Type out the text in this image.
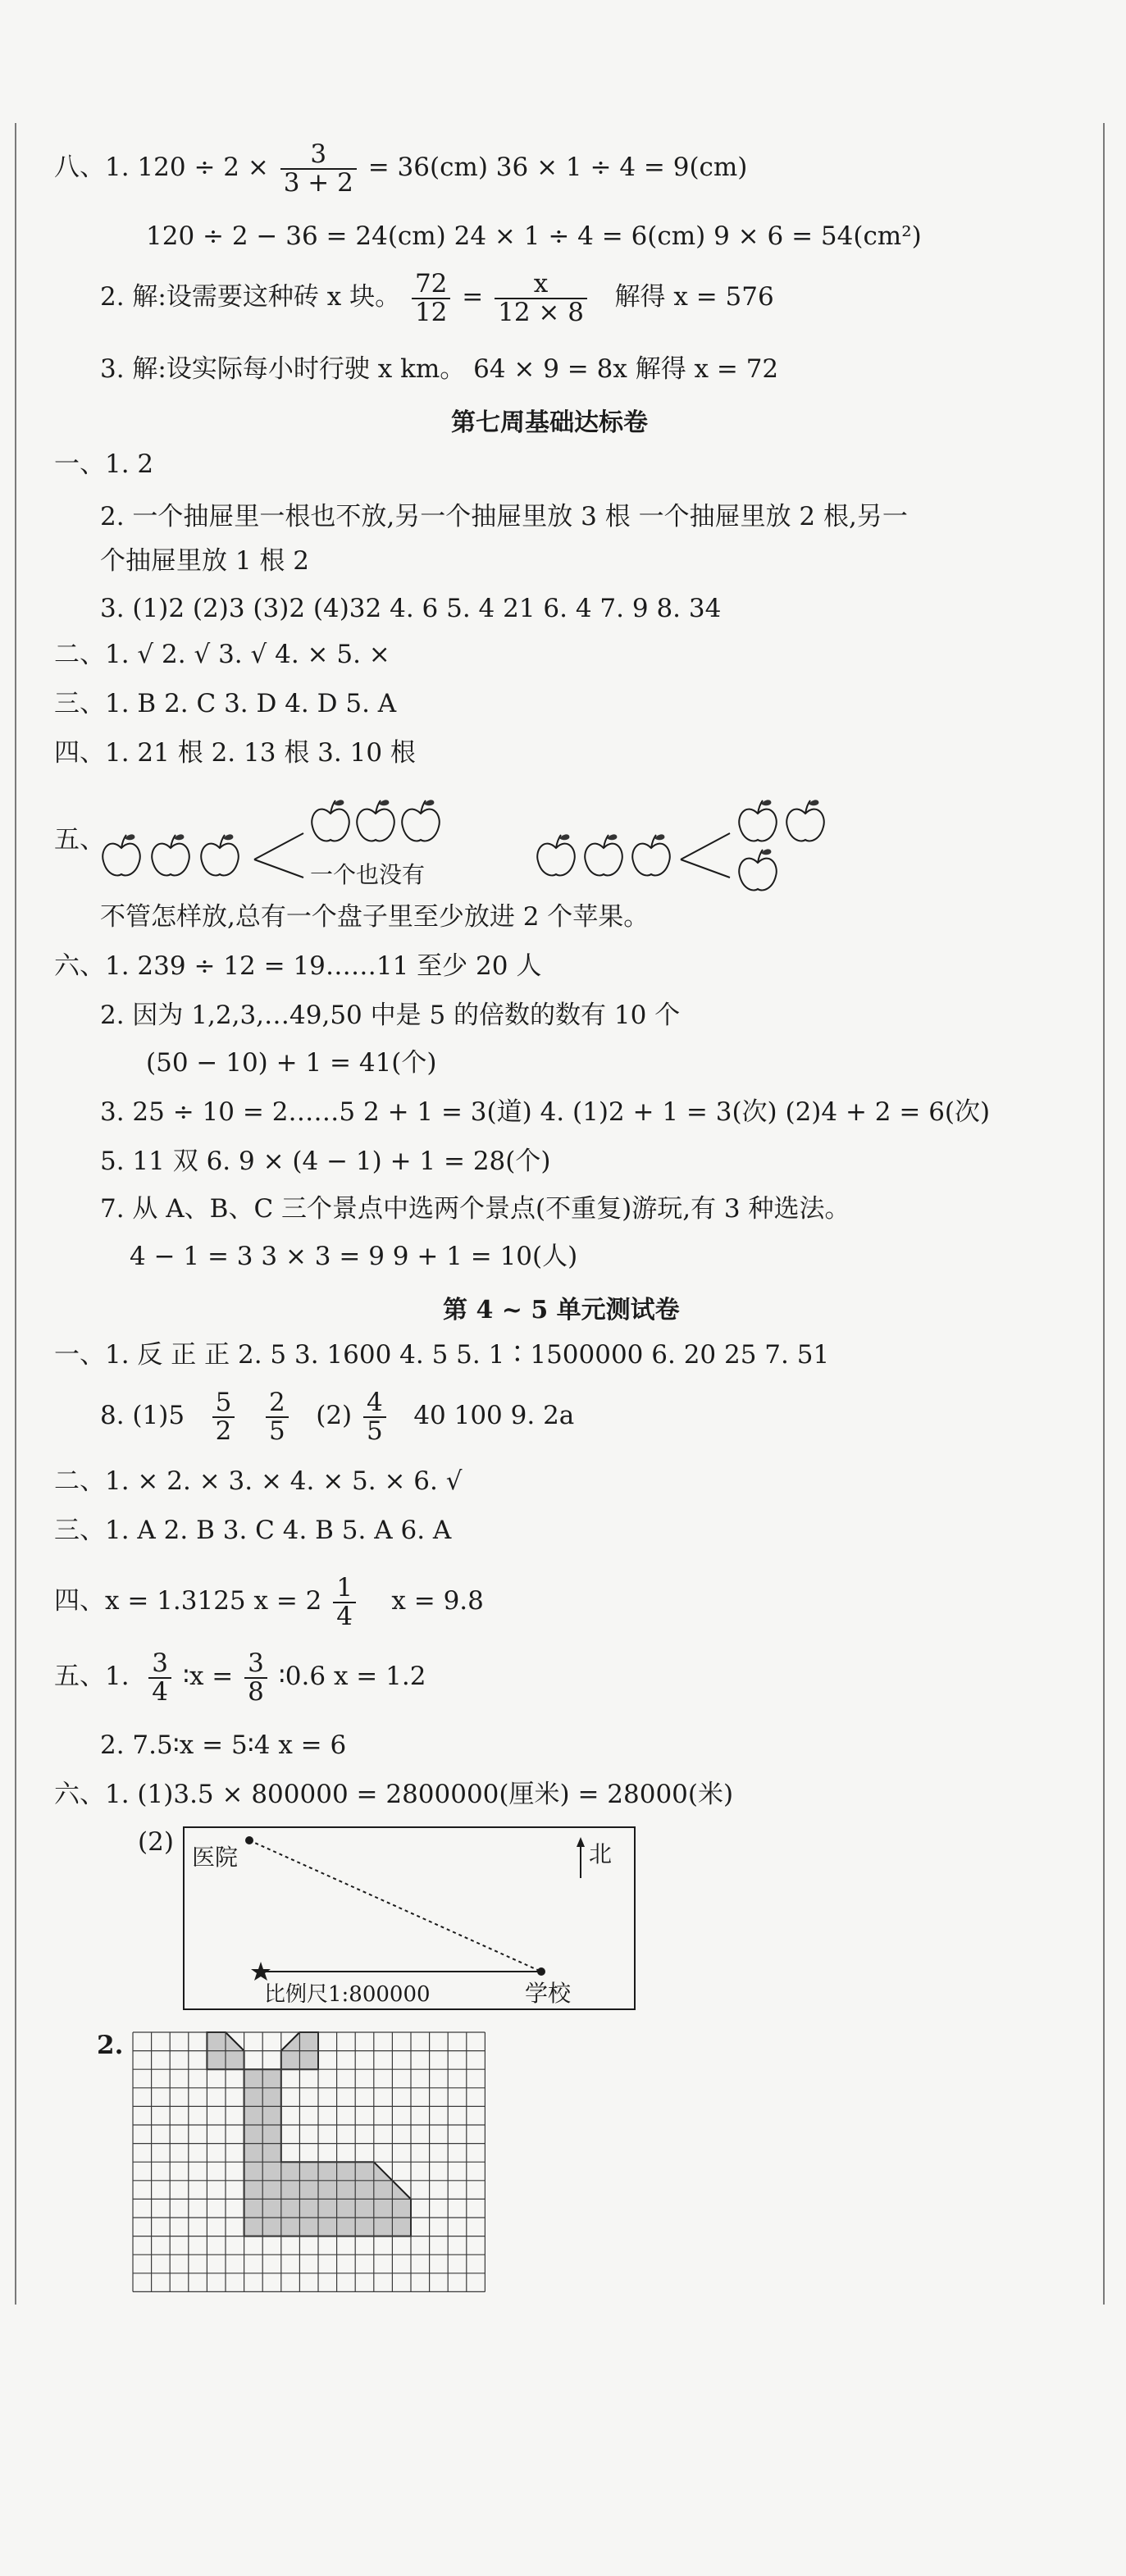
八、1. $120 \div 2 \times \frac{3}{3 + 2} = 36(cm) 36 \times 1 \div 4 = 9(cm)$
120 ÷ 2 − 36 = 24(cm) 24 × 1 ÷ 4 = 6(cm) 9 × 6 = 54(cm²)
2. 解:设需要这种砖 x 块。 $\frac{72}{12} = \frac{x}{12 \times 8}$ 解得 x = 576
3. 解:设实际每小时行驶 x km。 64 × 9 = 8x 解得 x = 72
第七周基础达标卷
一、1. 2
2. 一个抽屉里一根也不放,另一个抽屉里放 3 根 一个抽屉里放 2 根,另一
个抽屉里放 1 根 2
3. (1)2 (2)3 (3)2 (4)32 4. 6 5. 4 21 6. 4 7. 9 8. 34
二、1. √ 2. √ 3. √ 4. × 5. ×
三、1. B 2. C 3. D 4. D 5. A
四、1. 21 根 2. 13 根 3. 10 根
五、
一个也没有
不管怎样放,总有一个盘子里至少放进 2 个苹果。
六、1. 239 ÷ 12 = 19……11 至少 20 人
2. 因为 1,2,3,…49,50 中是 5 的倍数的数有 10 个
(50 − 10) + 1 = 41(个)
3. 25 ÷ 10 = 2……5 2 + 1 = 3(道) 4. (1)2 + 1 = 3(次) (2)4 + 2 = 6(次)
5. 11 双 6. 9 × (4 − 1) + 1 = 28(个)
7. 从 A、B、C 三个景点中选两个景点(不重复)游玩,有 3 种选法。
4 − 1 = 3 3 × 3 = 9 9 + 1 = 10(人)
第 4 ~ 5 单元测试卷
一、1. 反 正 正 2. 5 3. 1600 4. 5 5. 1∶1500000 6. 20 25 7. 51
8. $(1)5 \frac{5}{2}$
$\frac{2}{5} (2) \frac{4}{5} 40$ 100 9. 2a
二、1. × 2. × 3. × 4. × 5. × 6. √
三、1. A 2. B 3. C 4. B 5. A 6. A
四、x = 1.3125 $x = 2 \frac{1}{4}$ x = 9.8
五、1. $\frac{3}{4}$ ∶x = $\frac{3}{8}$ ∶0.6 x = 1.2
2. 7.5∶x = 5∶4 x = 6
六、1. (1)3.5 × 800000 = 2800000(厘米) = 28000(米)
(2)
医院	北
比例尺1:800000	学校
2.
